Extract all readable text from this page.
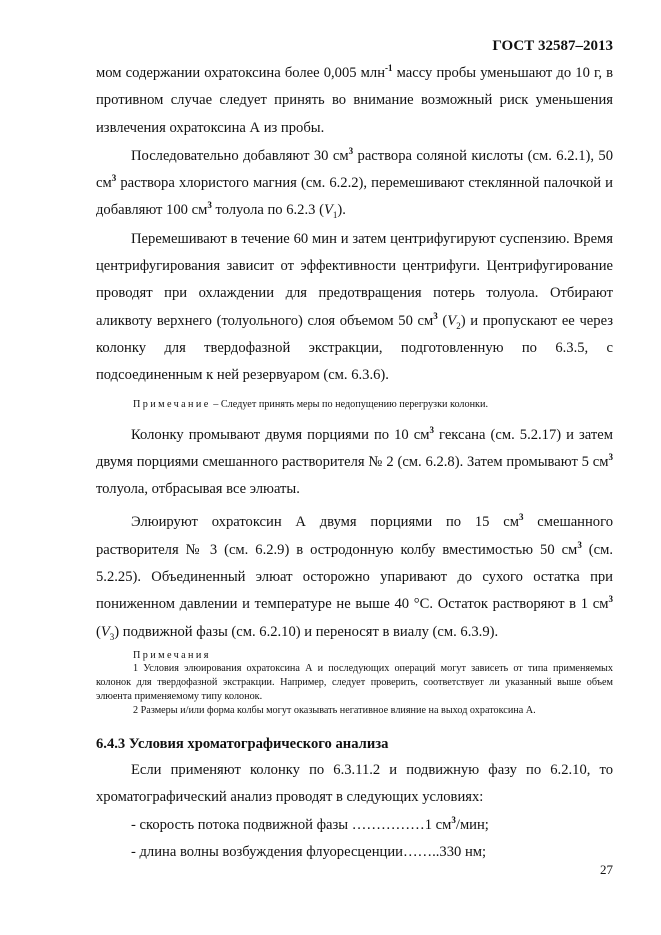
ГОСТ 32587–2013

мом содержании охратоксина более 0,005 млн$^{-1}$ массу пробы уменьшают до 10 г, в противном случае следует принять во внимание возможный риск уменьшения извлечения охратоксина А из пробы.

Последовательно добавляют 30 $см^3$ раствора соляной кислоты (см. 6.2.1), 50 $см^3$ раствора хлористого магния (см. 6.2.2), перемешивают стеклянной палочкой и добавляют 100 $см^3$ толуола по 6.2.3 $(V_1)$.

Перемешивают в течение 60 мин и затем центрифугируют суспензию. Время центрифугирования зависит от эффективности центрифуги. Центрифугирование проводят при охлаждении для предотвращения потерь толуола. Отбирают аликвоту верхнего (толуольного) слоя объемом 50 $см^3$ $(V_2)$ и пропускают ее через колонку для твердофазной экстракции, подготовленную по 6.3.5, с подсоединенным к ней резервуаром (см. 6.3.6).

Примечание – Следует принять меры по недопущению перегрузки колонки.

Колонку промывают двумя порциями по 10 $см^3$ гексана (см. 5.2.17) и затем двумя порциями смешанного растворителя № 2 (см. 6.2.8). Затем промывают 5 $см^3$ толуола, отбрасывая все элюаты.

Элюируют охратоксин А двумя порциями по 15 $см^3$ смешанного растворителя № 3 (см. 6.2.9) в остродонную колбу вместимостью 50 $см^3$ (см. 5.2.25). Объединенный элюат осторожно упаривают до сухого остатка при пониженном давлении и температуре не выше 40 °С. Остаток растворяют в 1 $см^3$ $(V_3)$ подвижной фазы (см. 6.2.10) и переносят в виалу (см. 6.3.9).

Примечания

1 Условия элюирования охратоксина А и последующих операций могут зависеть от типа применяемых колонок для твердофазной экстракции. Например, следует проверить, соответствует ли указанный выше объем элюента применяемому типу колонок.

2 Размеры и/или форма колбы могут оказывать негативное влияние на выход охратоксина А.

6.4.3 Условия хроматографического анализа

Если применяют колонку по 6.3.11.2 и подвижную фазу по 6.2.10, то хроматографический анализ проводят в следующих условиях:

- скорость потока подвижной фазы ……………1 $см^3$/мин;
- длина волны возбуждения флуоресценции……..330 нм;
27
